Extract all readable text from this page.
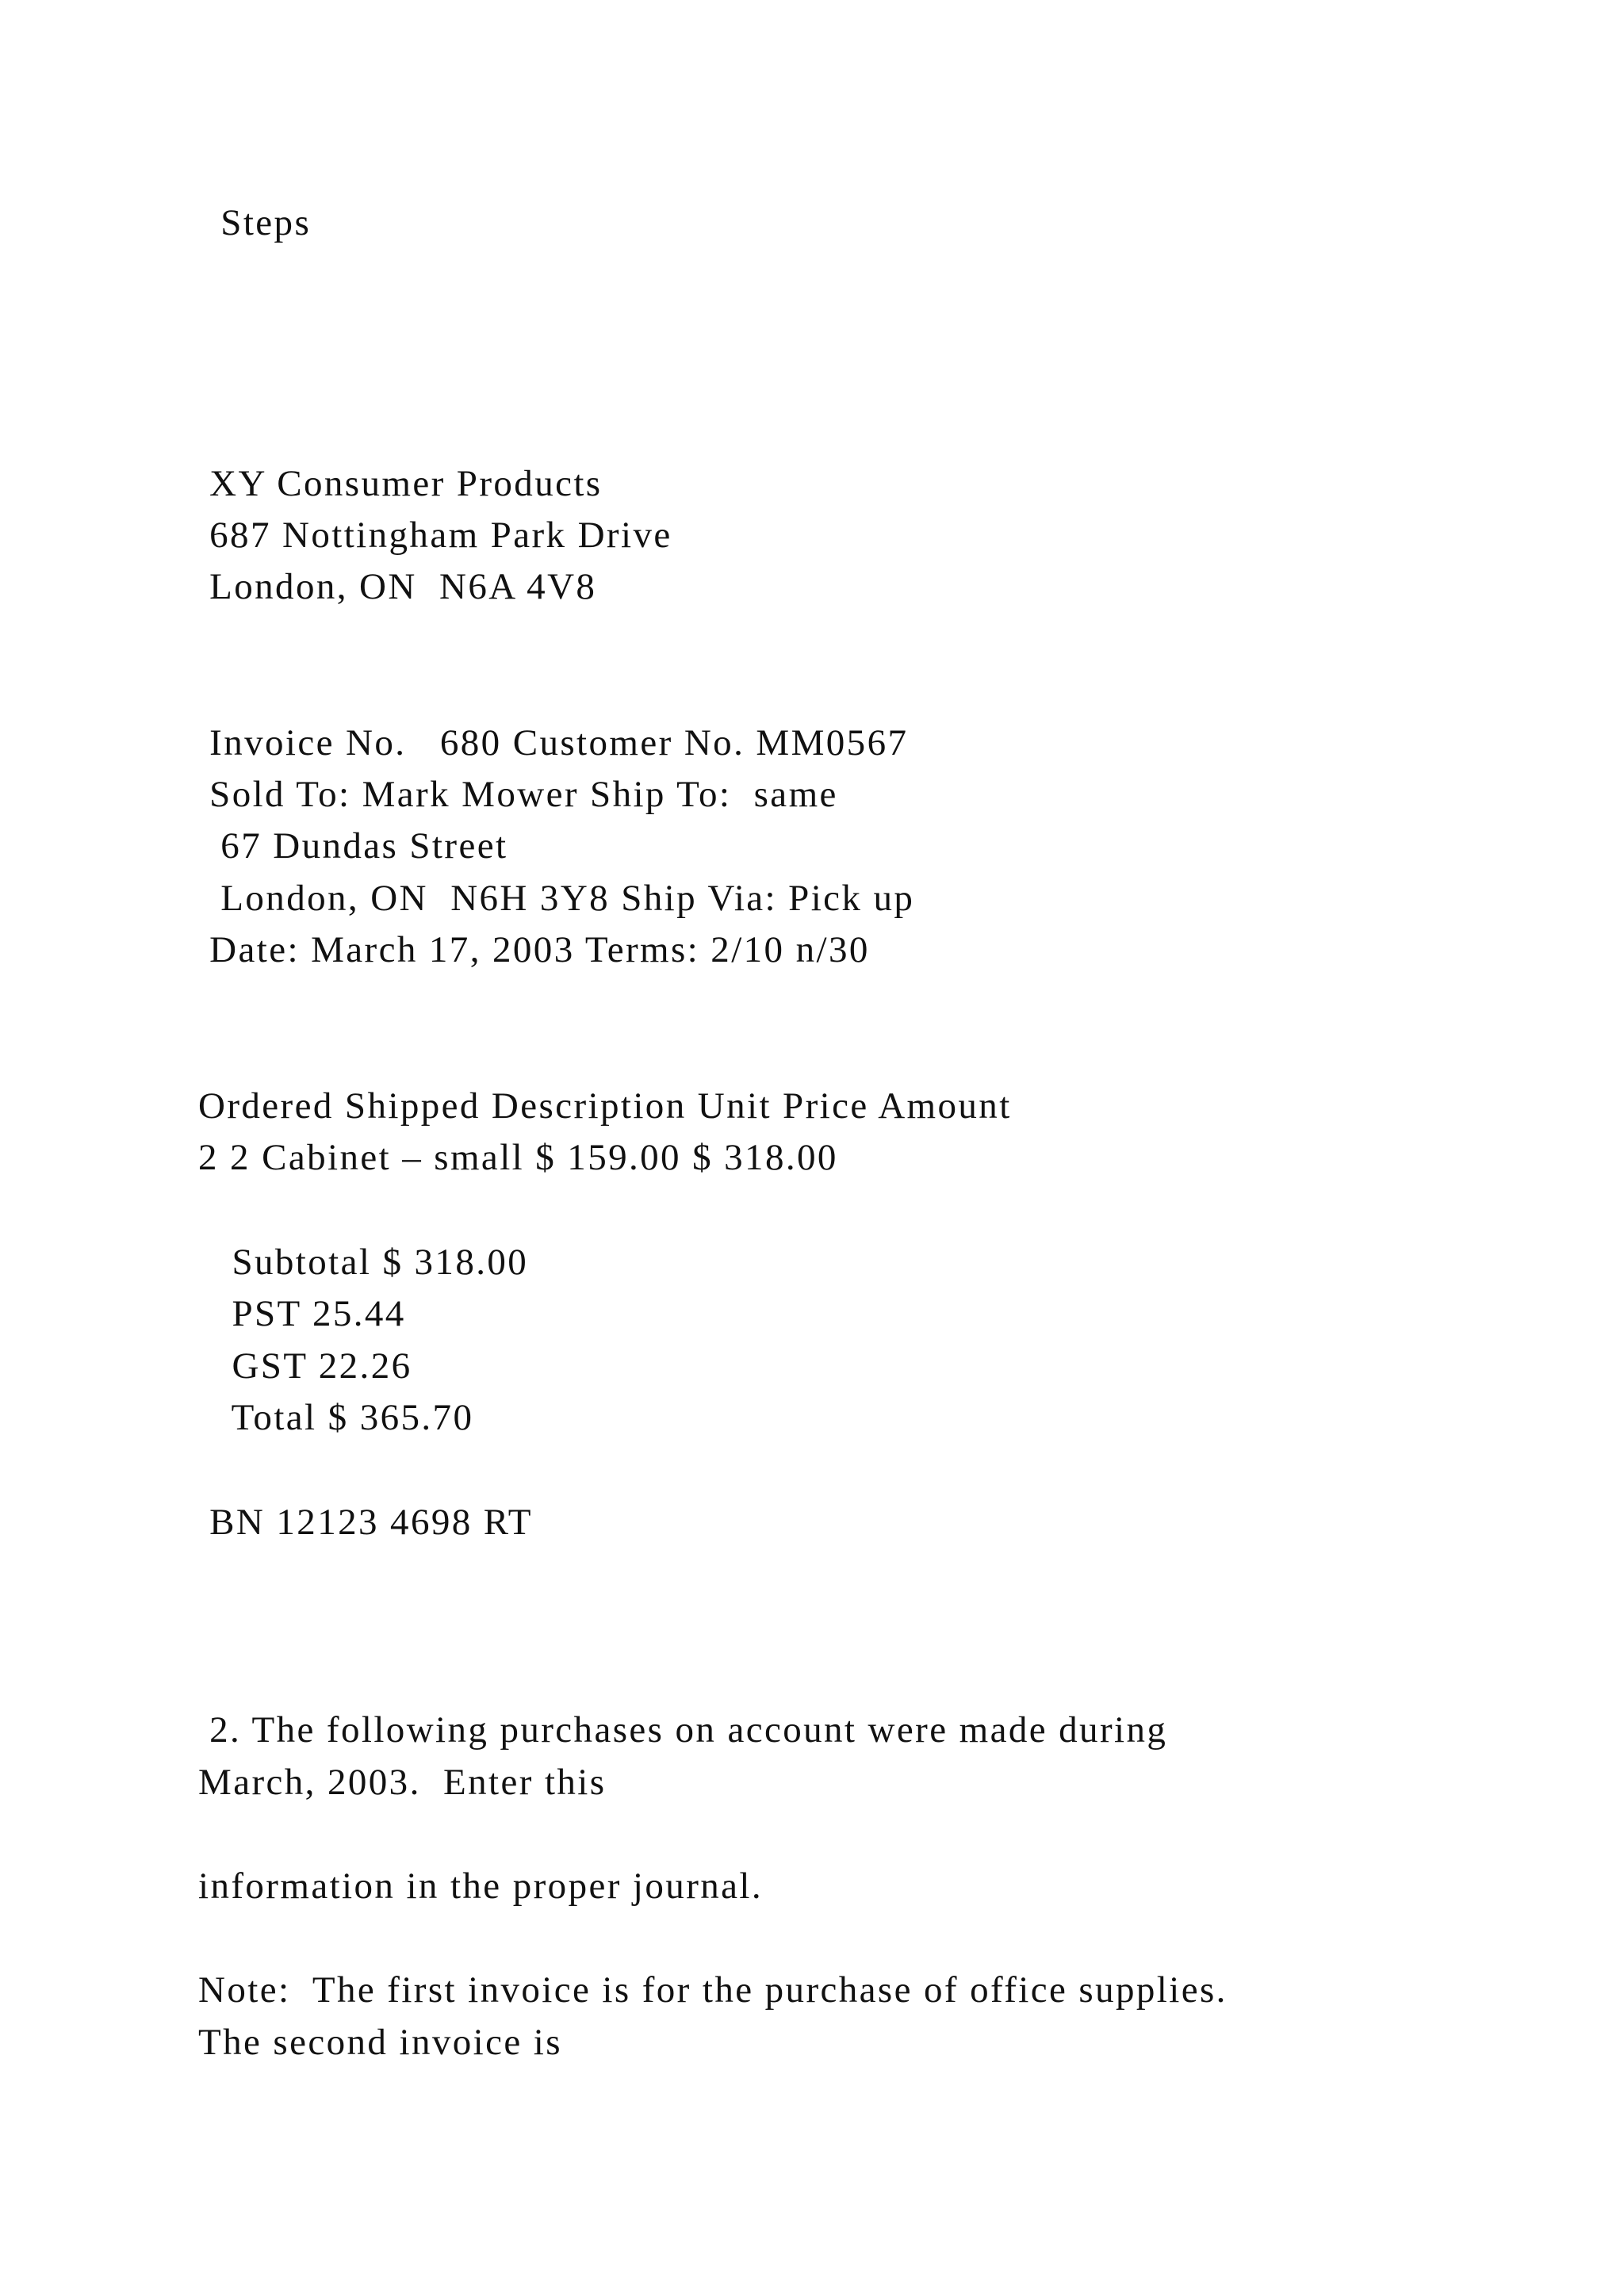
Steps
XY Consumer Products
687 Nottingham Park Drive
London, ON  N6A 4V8
Invoice No.   680 Customer No. MM0567
Sold To: Mark Mower Ship To:  same
67 Dundas Street
London, ON  N6H 3Y8 Ship Via: Pick up
Date: March 17, 2003 Terms: 2/10 n/30
Ordered Shipped Description Unit Price Amount
2 2 Cabinet – small $ 159.00 $ 318.00
Subtotal $ 318.00
PST 25.44
GST 22.26
Total $ 365.70
BN 12123 4698 RT
2. The following purchases on account were made during
March, 2003.  Enter this
information in the proper journal.
Note:  The first invoice is for the purchase of office supplies.
The second invoice is
